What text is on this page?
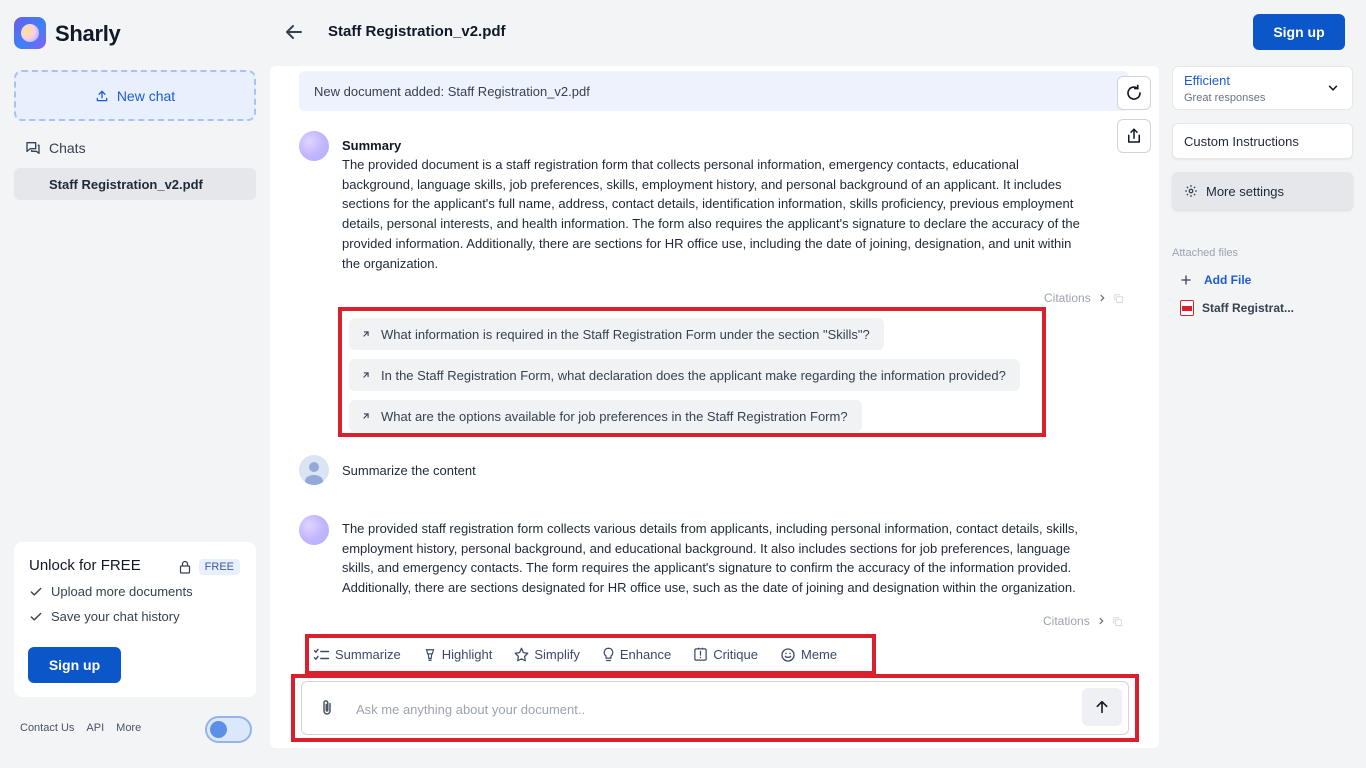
Sharly	Staff Registration_v2.pdf	Sign up
New chat
Chats
Staff Registration_v2.pdf
Unlock for FREE	FREE
Upload more documents
Save your chat history
Sign up
Contact Us API More
New document added: Staff Registration_v2.pdf
Summary
The provided document is a staff registration form that collects personal information, emergency contacts, educational
background, language skills, job preferences, skills, employment history, and personal background of an applicant. It includes
sections for the applicant's full name, address, contact details, identification information, skills proficiency, previous employment
details, personal interests, and health information. The form also requires the applicant's signature to declare the accuracy of the
provided information. Additionally, there are sections for HR office use, including the date of joining, designation, and unit within
the organization.
Citations
What information is required in the Staff Registration Form under the section "Skills"?
In the Staff Registration Form, what declaration does the applicant make regarding the information provided?
What are the options available for job preferences in the Staff Registration Form?
Summarize the content
The provided staff registration form collects various details from applicants, including personal information, contact details, skills,
employment history, personal background, and educational background. It also includes sections for job preferences, language
skills, and emergency contacts. The form requires the applicant's signature to confirm the accuracy of the information provided.
Additionally, there are sections designated for HR office use, such as the date of joining and designation within the organization.
Citations
Summarize	Highlight	Simplify	Enhance	Critique	Meme
Ask me anything about your document..
Efficient
Great responses
Custom Instructions
More settings
Attached files
Add File
Staff Registrat...
